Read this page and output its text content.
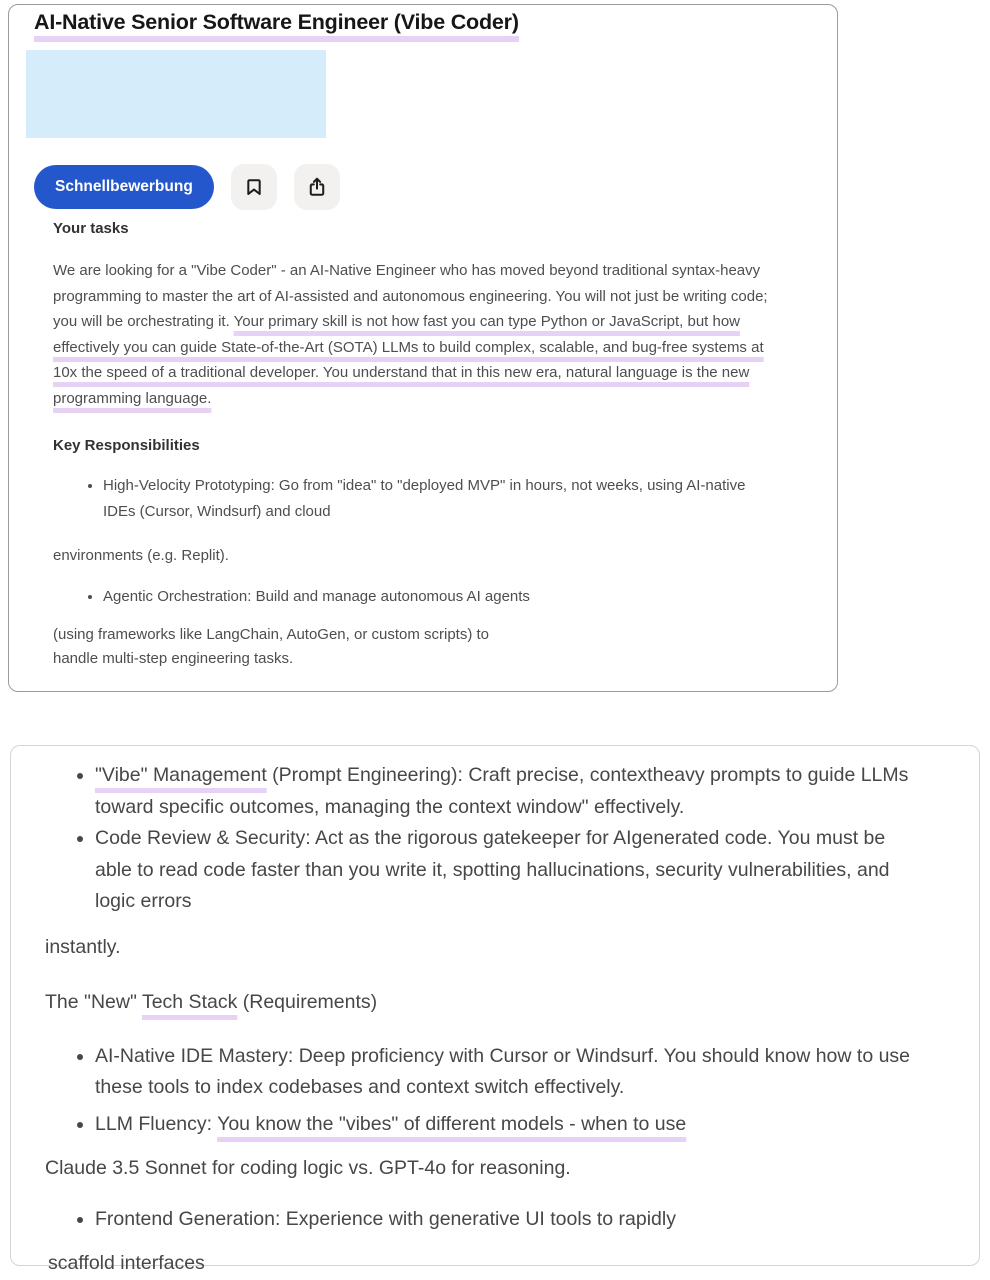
AI-Native Senior Software Engineer (Vibe Coder)
Schnellbewerbung
Your tasks

We are looking for a "Vibe Coder" - an AI-Native Engineer who has moved beyond traditional syntax-heavy programming to master the art of AI-assisted and autonomous engineering. You will not just be writing code; you will be orchestrating it. Your primary skill is not how fast you can type Python or JavaScript, but how effectively you can guide State-of-the-Art (SOTA) LLMs to build complex, scalable, and bug-free systems at 10x the speed of a traditional developer. You understand that in this new era, natural language is the new programming language.

Key Responsibilities
• High-Velocity Prototyping: Go from "idea" to "deployed MVP" in hours, not weeks, using AI-native IDEs (Cursor, Windsurf) and cloud

environments (e.g. Replit).

• Agentic Orchestration: Build and manage autonomous AI agents

(using frameworks like LangChain, AutoGen, or custom scripts) to
handle multi-step engineering tasks.

• "Vibe" Management (Prompt Engineering): Craft precise, contextheavy prompts to guide LLMs toward specific outcomes, managing the context window" effectively.
• Code Review & Security: Act as the rigorous gatekeeper for AIgenerated code. You must be able to read code faster than you write it, spotting hallucinations, security vulnerabilities, and logic errors

instantly.

The "New" Tech Stack (Requirements)

• AI-Native IDE Mastery: Deep proficiency with Cursor or Windsurf. You should know how to use these tools to index codebases and context switch effectively.
• LLM Fluency: You know the "vibes" of different models - when to use

Claude 3.5 Sonnet for coding logic vs. GPT-4o for reasoning.

• Frontend Generation: Experience with generative UI tools to rapidly

scaffold interfaces
